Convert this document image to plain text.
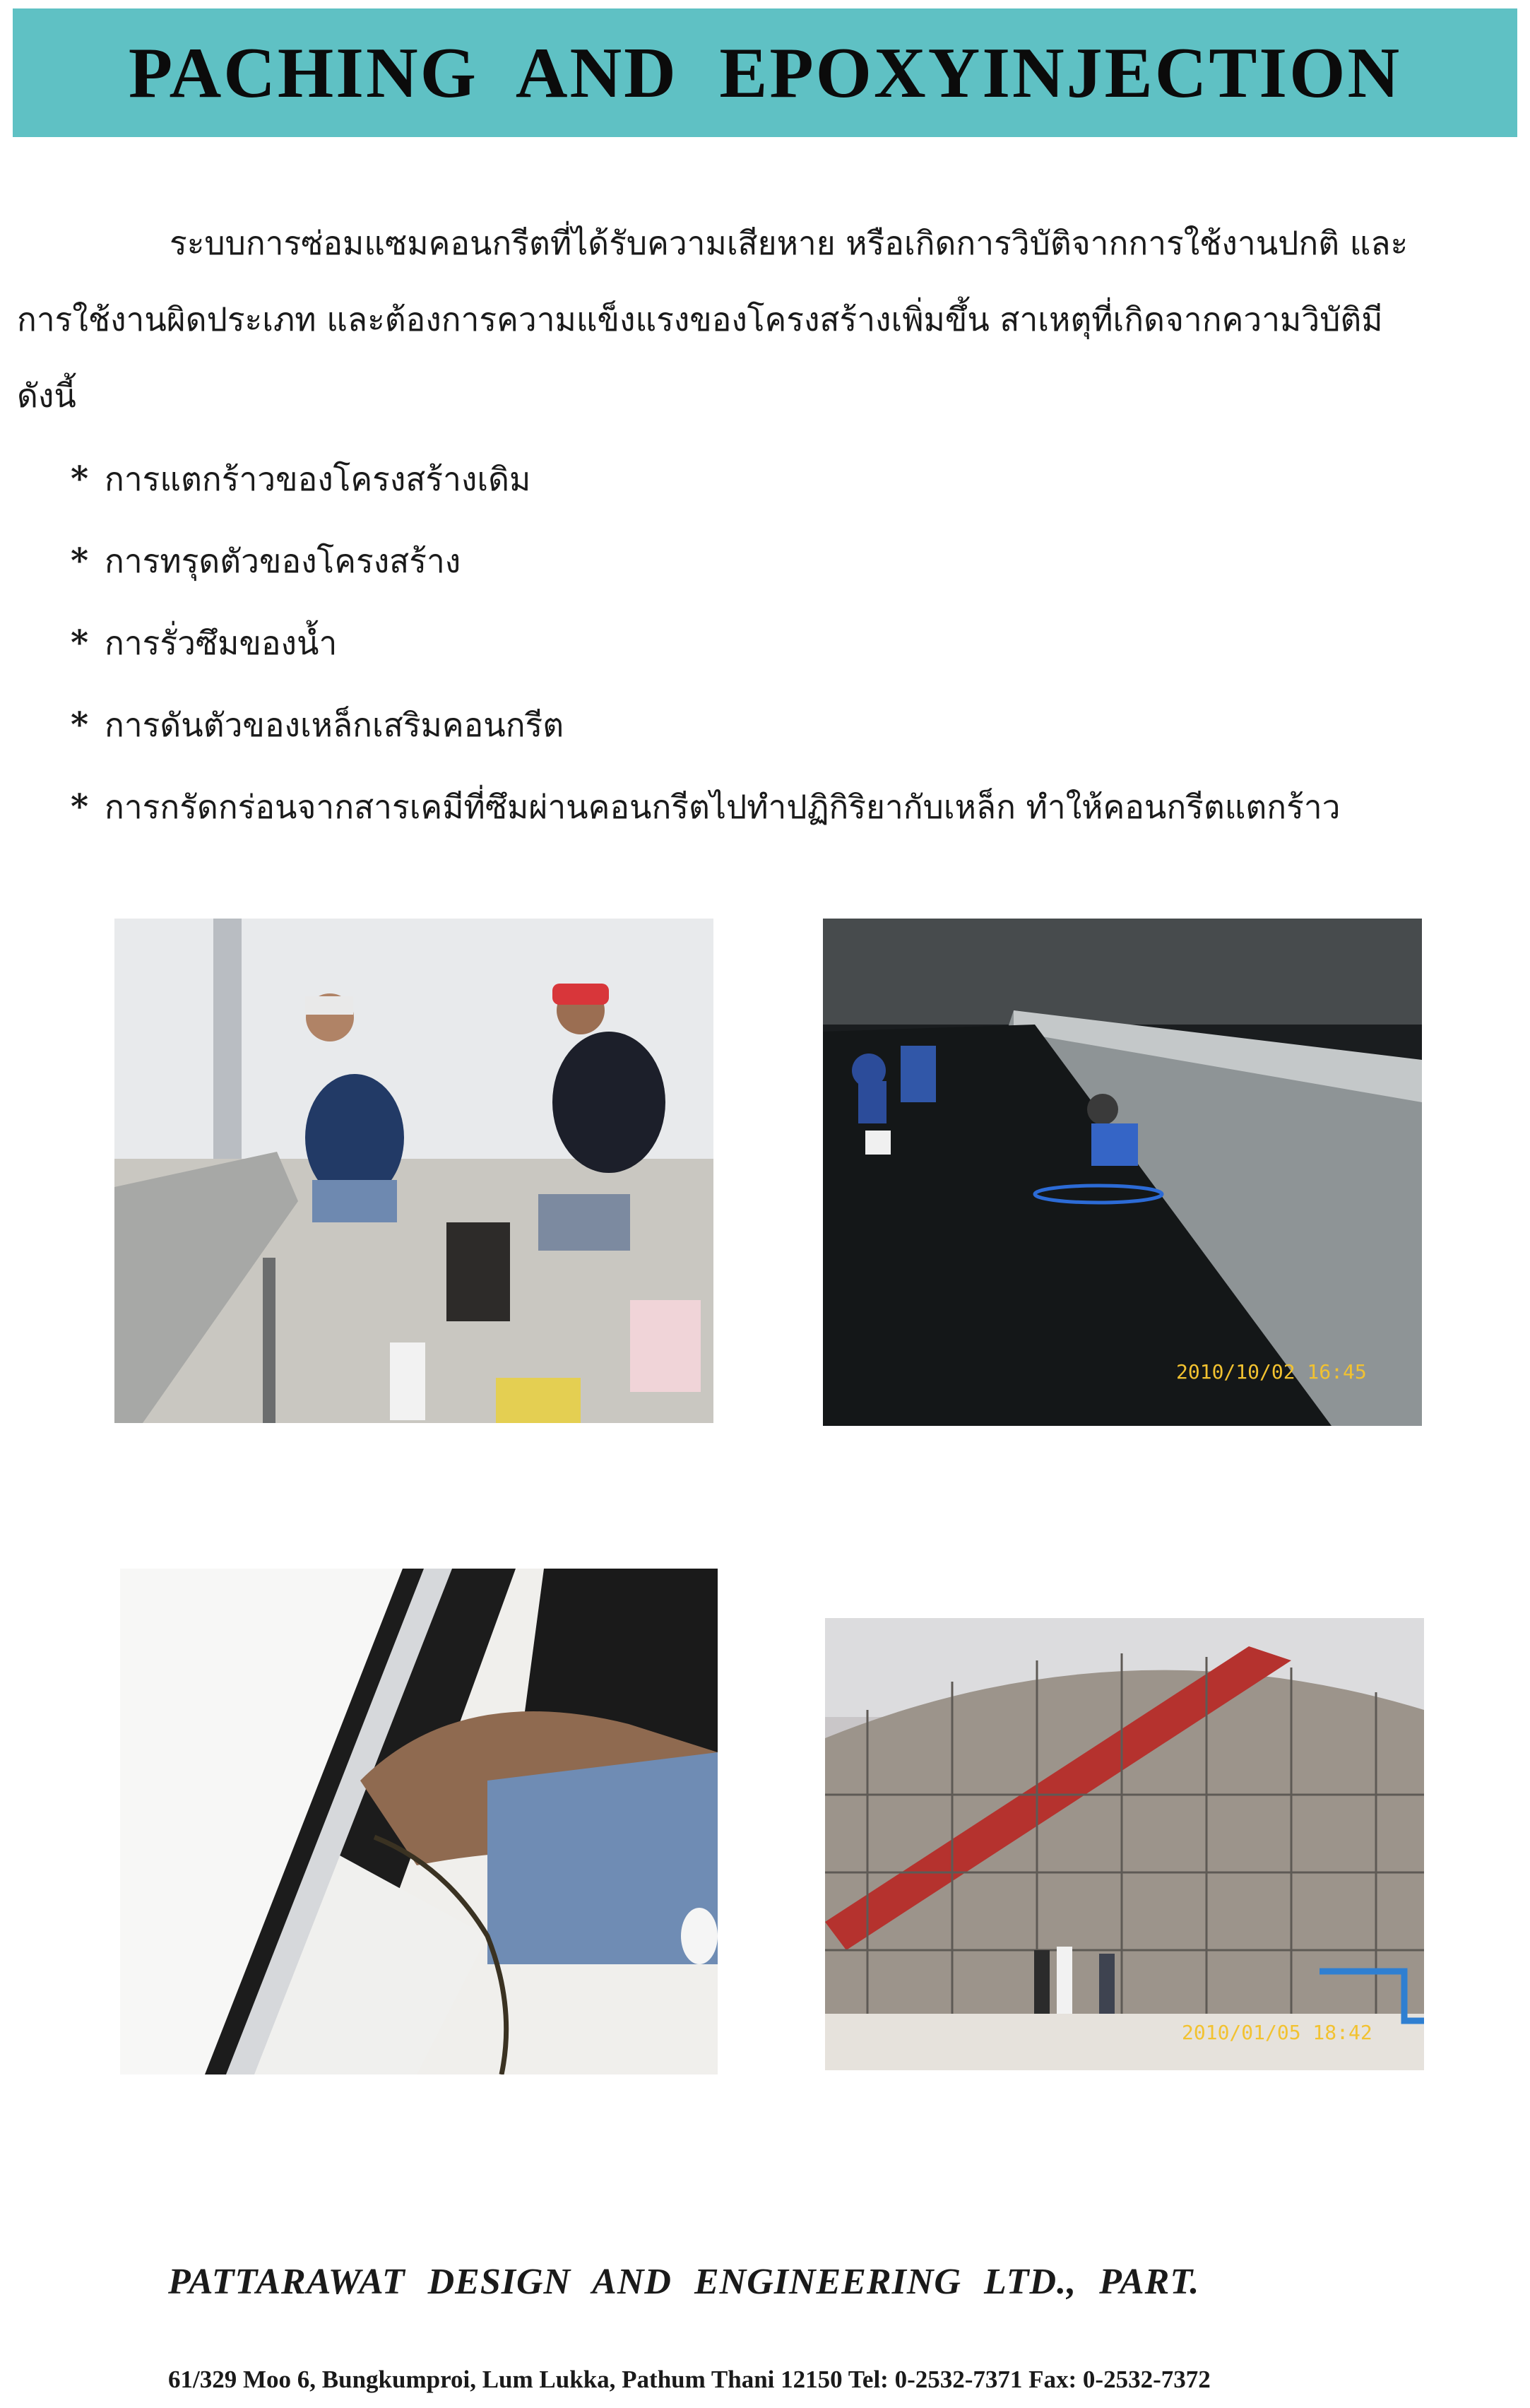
PACHING AND EPOXYINJECTION

ระบบการซ่อมแซมคอนกรีตที่ได้รับความเสียหาย หรือเกิดการวิบัติจากการใช้งานปกติ และการใช้งานผิดประเภท และต้องการความแข็งแรงของโครงสร้างเพิ่มขึ้น สาเหตุที่เกิดจากความวิบัติมีดังนี้

* การแตกร้าวของโครงสร้างเดิม
* การทรุดตัวของโครงสร้าง
* การรั่วซึมของน้ำ
* การดันตัวของเหล็กเสริมคอนกรีต
* การกรัดกร่อนจากสารเคมีที่ซึมผ่านคอนกรีตไปทำปฏิกิริยากับเหล็ก ทำให้คอนกรีตแตกร้าว
2010/10/02 16:45
2010/01/05 18:42

PATTARAWAT DESIGN AND ENGINEERING LTD., PART.

61/329 Moo 6, Bungkumproi, Lum Lukka, Pathum Thani 12150 Tel: 0-2532-7371 Fax: 0-2532-7372
